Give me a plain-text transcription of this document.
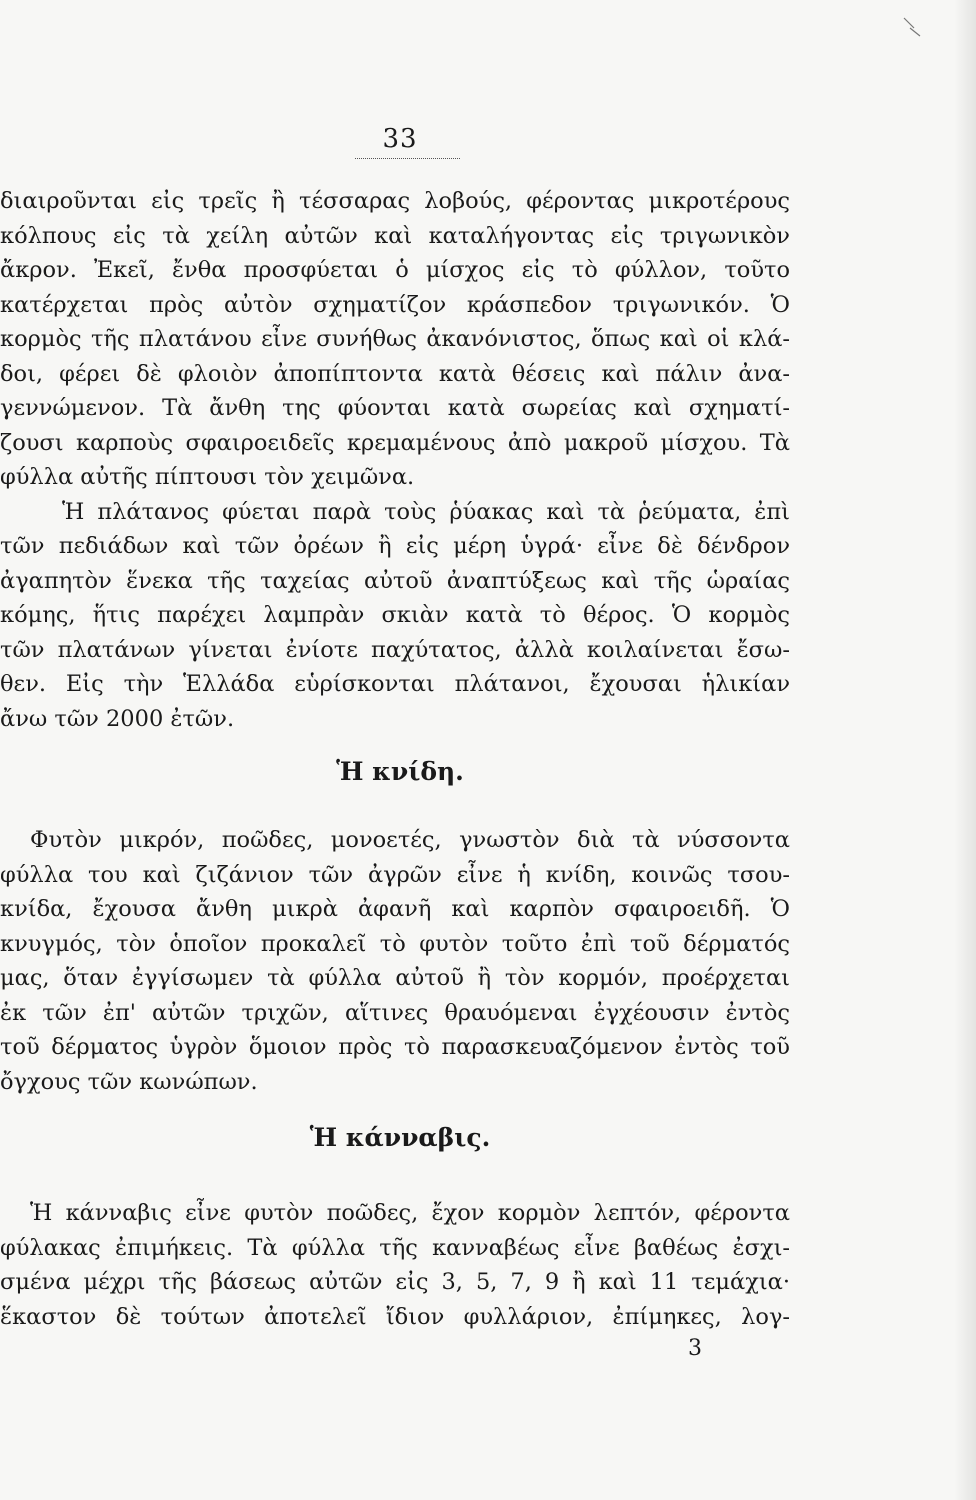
33
διαιροῦνται εἰς τρεῖς ἢ τέσσαρας λοβούς, φέροντας μικροτέρους
κόλπους εἰς τὰ χείλη αὐτῶν καὶ καταλήγοντας εἰς τριγωνικὸν
ἄκρον. Ἐκεῖ, ἔνθα προσφύεται ὁ μίσχος εἰς τὸ φύλλον, τοῦτο
κατέρχεται πρὸς αὐτὸν σχηματίζον κράσπεδον τριγωνικόν. Ὁ
κορμὸς τῆς πλατάνου εἶνε συνήθως ἀκανόνιστος, ὅπως καὶ οἱ κλά-
δοι, φέρει δὲ φλοιὸν ἀποπίπτοντα κατὰ θέσεις καὶ πάλιν ἀνα-
γεννώμενον. Τὰ ἄνθη της φύονται κατὰ σωρείας καὶ σχηματί-
ζουσι καρποὺς σφαιροειδεῖς κρεμαμένους ἀπὸ μακροῦ μίσχου. Τὰ
φύλλα αὐτῆς πίπτουσι τὸν χειμῶνα.
Ἡ πλάτανος φύεται παρὰ τοὺς ῥύακας καὶ τὰ ῥεύματα, ἐπὶ
τῶν πεδιάδων καὶ τῶν ὀρέων ἢ εἰς μέρη ὑγρά· εἶνε δὲ δένδρον
ἀγαπητὸν ἕνεκα τῆς ταχείας αὐτοῦ ἀναπτύξεως καὶ τῆς ὡραίας
κόμης, ἥτις παρέχει λαμπρὰν σκιὰν κατὰ τὸ θέρος. Ὁ κορμὸς
τῶν πλατάνων γίνεται ἐνίοτε παχύτατος, ἀλλὰ κοιλαίνεται ἔσω-
θεν. Εἰς τὴν Ἑλλάδα εὑρίσκονται πλάτανοι, ἔχουσαι ἡλικίαν
ἄνω τῶν 2000 ἐτῶν.
Ἡ κνίδη.
Φυτὸν μικρόν, ποῶδες, μονοετές, γνωστὸν διὰ τὰ νύσσοντα
φύλλα του καὶ ζιζάνιον τῶν ἀγρῶν εἶνε ἡ κνίδη, κοινῶς τσου-
κνίδα, ἔχουσα ἄνθη μικρὰ ἀφανῆ καὶ καρπὸν σφαιροειδῆ. Ὁ
κνυγμός, τὸν ὁποῖον προκαλεῖ τὸ φυτὸν τοῦτο ἐπὶ τοῦ δέρματός
μας, ὅταν ἐγγίσωμεν τὰ φύλλα αὐτοῦ ἢ τὸν κορμόν, προέρχεται
ἐκ τῶν ἐπ' αὐτῶν τριχῶν, αἵτινες θραυόμεναι ἐγχέουσιν ἐντὸς
τοῦ δέρματος ὑγρὸν ὅμοιον πρὸς τὸ παρασκευαζόμενον ἐντὸς τοῦ
ὄγχους τῶν κωνώπων.
Ἡ κάνναβις.
Ἡ κάνναβις εἶνε φυτὸν ποῶδες, ἔχον κορμὸν λεπτόν, φέροντα
φύλακας ἐπιμήκεις. Τὰ φύλλα τῆς κανναβέως εἶνε βαθέως ἐσχι-
σμένα μέχρι τῆς βάσεως αὐτῶν εἰς 3, 5, 7, 9 ἢ καὶ 11 τεμάχια·
ἕκαστον δὲ τούτων ἀποτελεῖ ἴδιον φυλλάριον, ἐπίμηκες, λογ-
3
